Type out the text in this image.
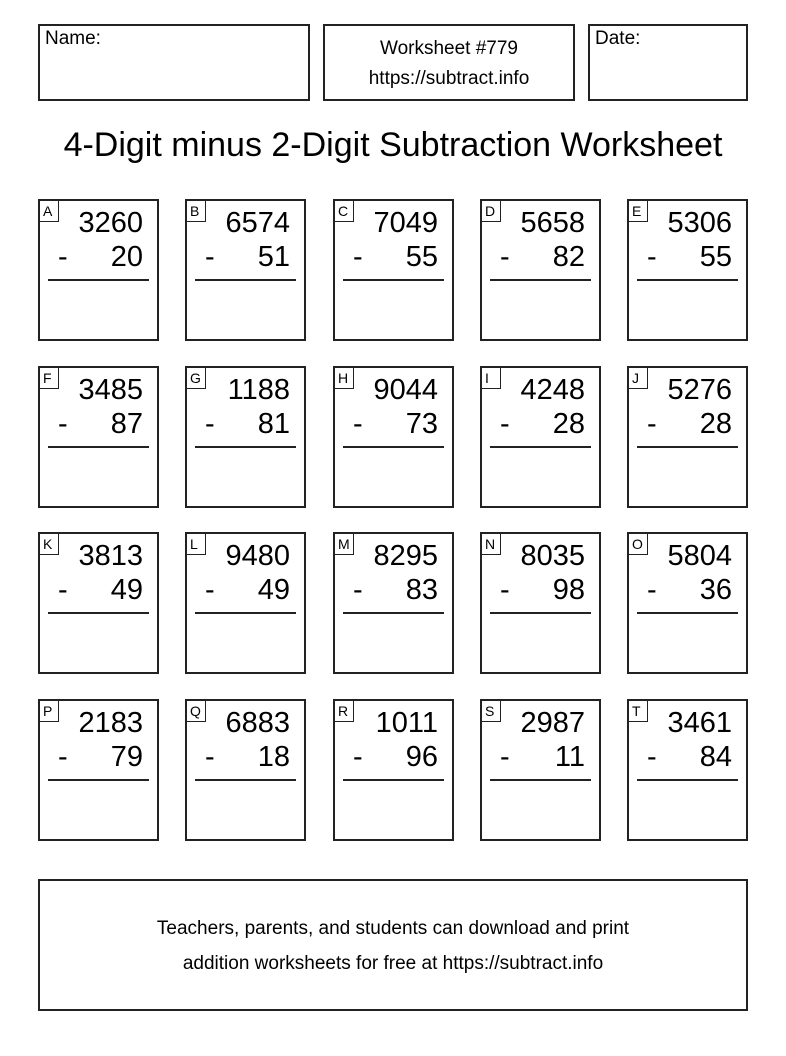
Name:	Worksheet #779
https://subtract.info
Date:
4-Digit minus 2-Digit Subtraction Worksheet
A 3260
- 20
B 6574
- 51
C 7049
- 55
D 5658
- 82
E 5306
- 55
F 3485
- 87
G 1188
- 81
H 9044
- 73
I	4248
- 28
J 5276
- 28
K 3813
- 49
L 9480
- 49
M 8295
- 83
N 8035
- 98
O 5804
- 36
P 2183
- 79
Q 6883
- 18
R 1011
- 96
S 2987
- 11
T 3461
- 84
Teachers, parents, and students can download and print
addition worksheets for free at https://subtract.info
